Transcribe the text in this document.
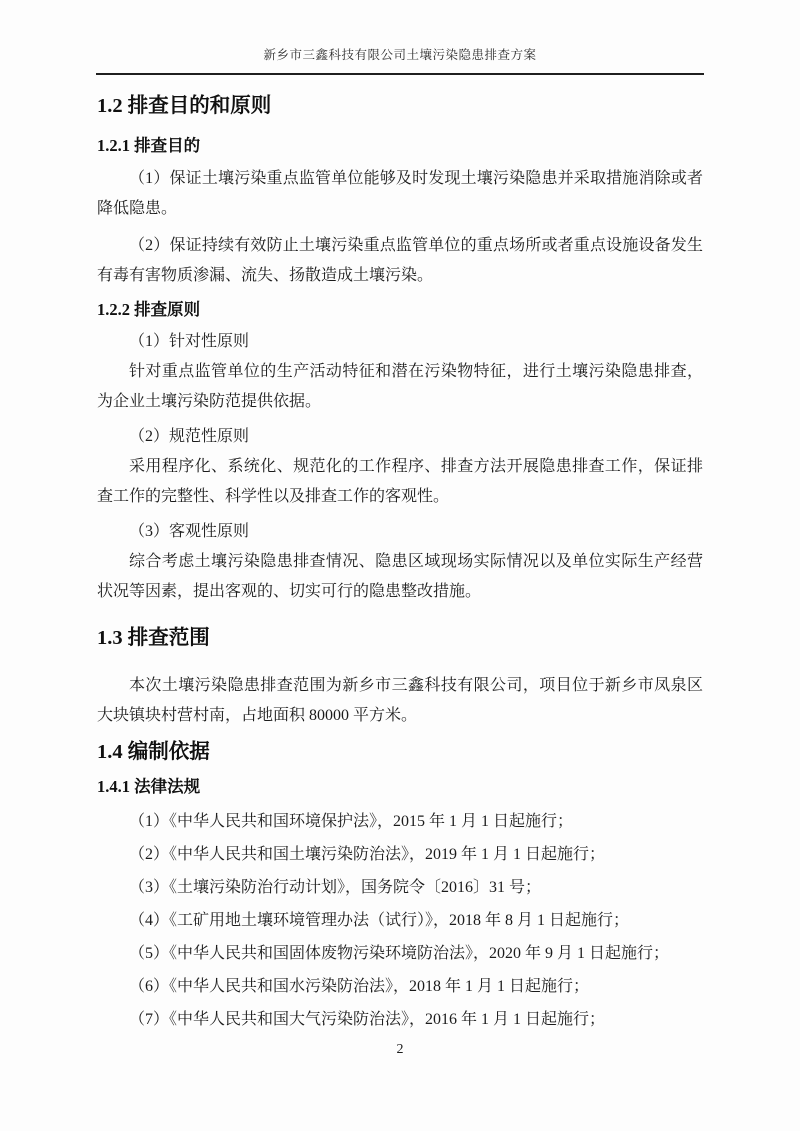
新乡市三鑫科技有限公司土壤污染隐患排查方案
1.2 排查目的和原则
1.2.1 排查目的

（1）保证土壤污染重点监管单位能够及时发现土壤污染隐患并采取措施消除或者降低隐患。

（2）保证持续有效防止土壤污染重点监管单位的重点场所或者重点设施设备发生有毒有害物质渗漏、流失、扬散造成土壤污染。

1.2.2 排查原则

（1）针对性原则

针对重点监管单位的生产活动特征和潜在污染物特征，进行土壤污染隐患排查，为企业土壤污染防范提供依据。

（2）规范性原则

采用程序化、系统化、规范化的工作程序、排查方法开展隐患排查工作，保证排查工作的完整性、科学性以及排查工作的客观性。

（3）客观性原则

综合考虑土壤污染隐患排查情况、隐患区域现场实际情况以及单位实际生产经营状况等因素，提出客观的、切实可行的隐患整改措施。

1.3 排查范围

本次土壤污染隐患排查范围为新乡市三鑫科技有限公司，项目位于新乡市凤泉区大块镇块村营村南，占地面积 80000 平方米。

1.4 编制依据
1.4.1 法律法规
（1）《中华人民共和国环境保护法》，2015 年 1 月 1 日起施行；
（2）《中华人民共和国土壤污染防治法》，2019 年 1 月 1 日起施行；
（3）《土壤污染防治行动计划》，国务院令〔2016〕31 号；
（4）《工矿用地土壤环境管理办法（试行）》，2018 年 8 月 1 日起施行；
（5）《中华人民共和国固体废物污染环境防治法》，2020 年 9 月 1 日起施行；
（6）《中华人民共和国水污染防治法》，2018 年 1 月 1 日起施行；
（7）《中华人民共和国大气污染防治法》，2016 年 1 月 1 日起施行；
2
